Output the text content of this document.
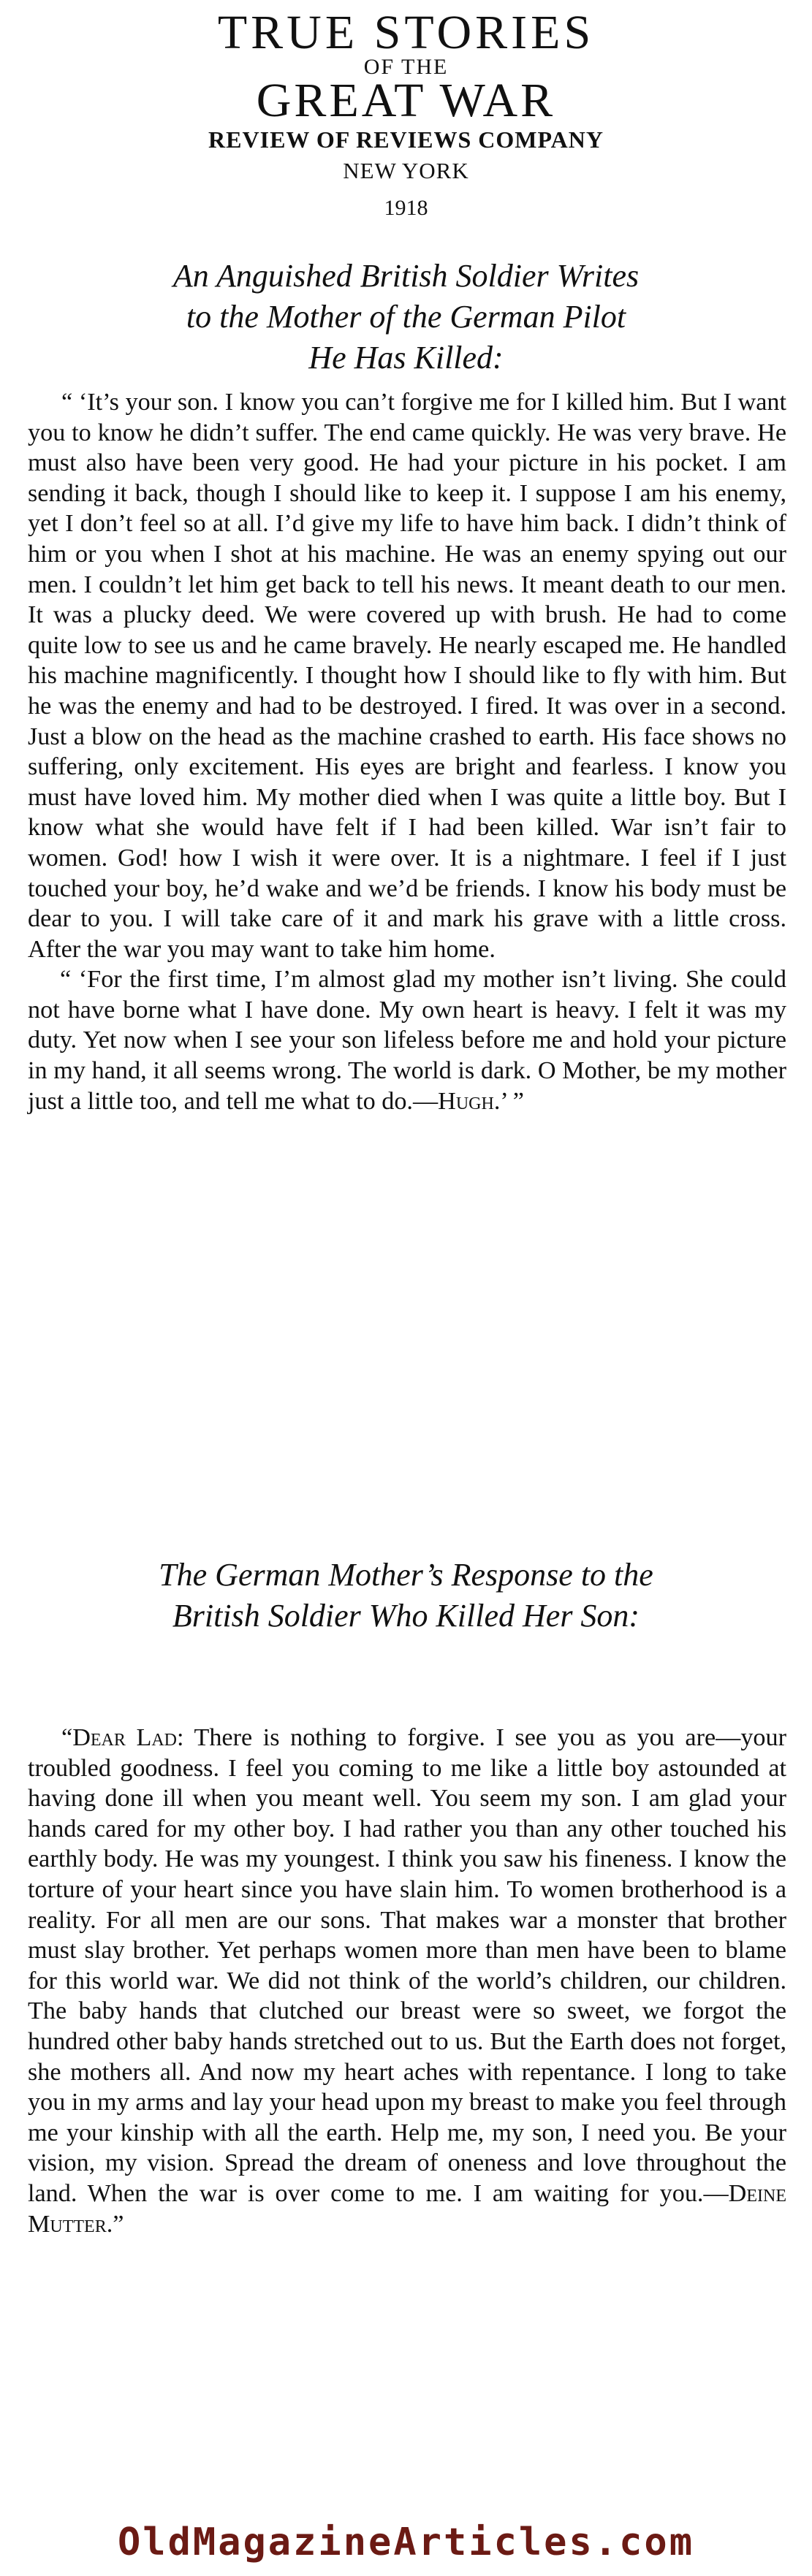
TRUE STORIES
OF THE
GREAT WAR
REVIEW OF REVIEWS COMPANY
NEW YORK
1918
An Anguished British Soldier Writes
to the Mother of the German Pilot
He Has Killed:

“ ‘It’s your son. I know you can’t forgive me for I killed him. But I want you to know he didn’t suffer. The end came quickly. He was very brave. He must also have been very good. He had your picture in his pocket. I am sending it back, though I should like to keep it. I suppose I am his enemy, yet I don’t feel so at all. I’d give my life to have him back. I didn’t think of him or you when I shot at his machine. He was an enemy spying out our men. I couldn’t let him get back to tell his news. It meant death to our men. It was a plucky deed. We were covered up with brush. He had to come quite low to see us and he came bravely. He nearly escaped me. He handled his machine magnificently. I thought how I should like to fly with him. But he was the enemy and had to be destroyed. I fired. It was over in a second. Just a blow on the head as the machine crashed to earth. His face shows no suffering, only excitement. His eyes are bright and fearless. I know you must have loved him. My mother died when I was quite a little boy. But I know what she would have felt if I had been killed. War isn’t fair to women. God! how I wish it were over. It is a nightmare. I feel if I just touched your boy, he’d wake and we’d be friends. I know his body must be dear to you. I will take care of it and mark his grave with a little cross. After the war you may want to take him home.

“ ‘For the first time, I’m almost glad my mother isn’t living. She could not have borne what I have done. My own heart is heavy. I felt it was my duty. Yet now when I see your son lifeless before me and hold your picture in my hand, it all seems wrong. The world is dark. O Mother, be my mother just a little too, and tell me what to do.—Hugh.’ ”

The German Mother’s Response to the
British Soldier Who Killed Her Son:

“Dear Lad: There is nothing to forgive. I see you as you are—your troubled goodness. I feel you coming to me like a little boy astounded at having done ill when you meant well. You seem my son. I am glad your hands cared for my other boy. I had rather you than any other touched his earthly body. He was my youngest. I think you saw his fineness. I know the torture of your heart since you have slain him. To women brotherhood is a reality. For all men are our sons. That makes war a monster that brother must slay brother. Yet perhaps women more than men have been to blame for this world war. We did not think of the world’s children, our children. The baby hands that clutched our breast were so sweet, we forgot the hundred other baby hands stretched out to us. But the Earth does not forget, she mothers all. And now my heart aches with repentance. I long to take you in my arms and lay your head upon my breast to make you feel through me your kinship with all the earth. Help me, my son, I need you. Be your vision, my vision. Spread the dream of oneness and love throughout the land. When the war is over come to me. I am waiting for you.—Deine Mutter.”

OldMagazineArticles.com
